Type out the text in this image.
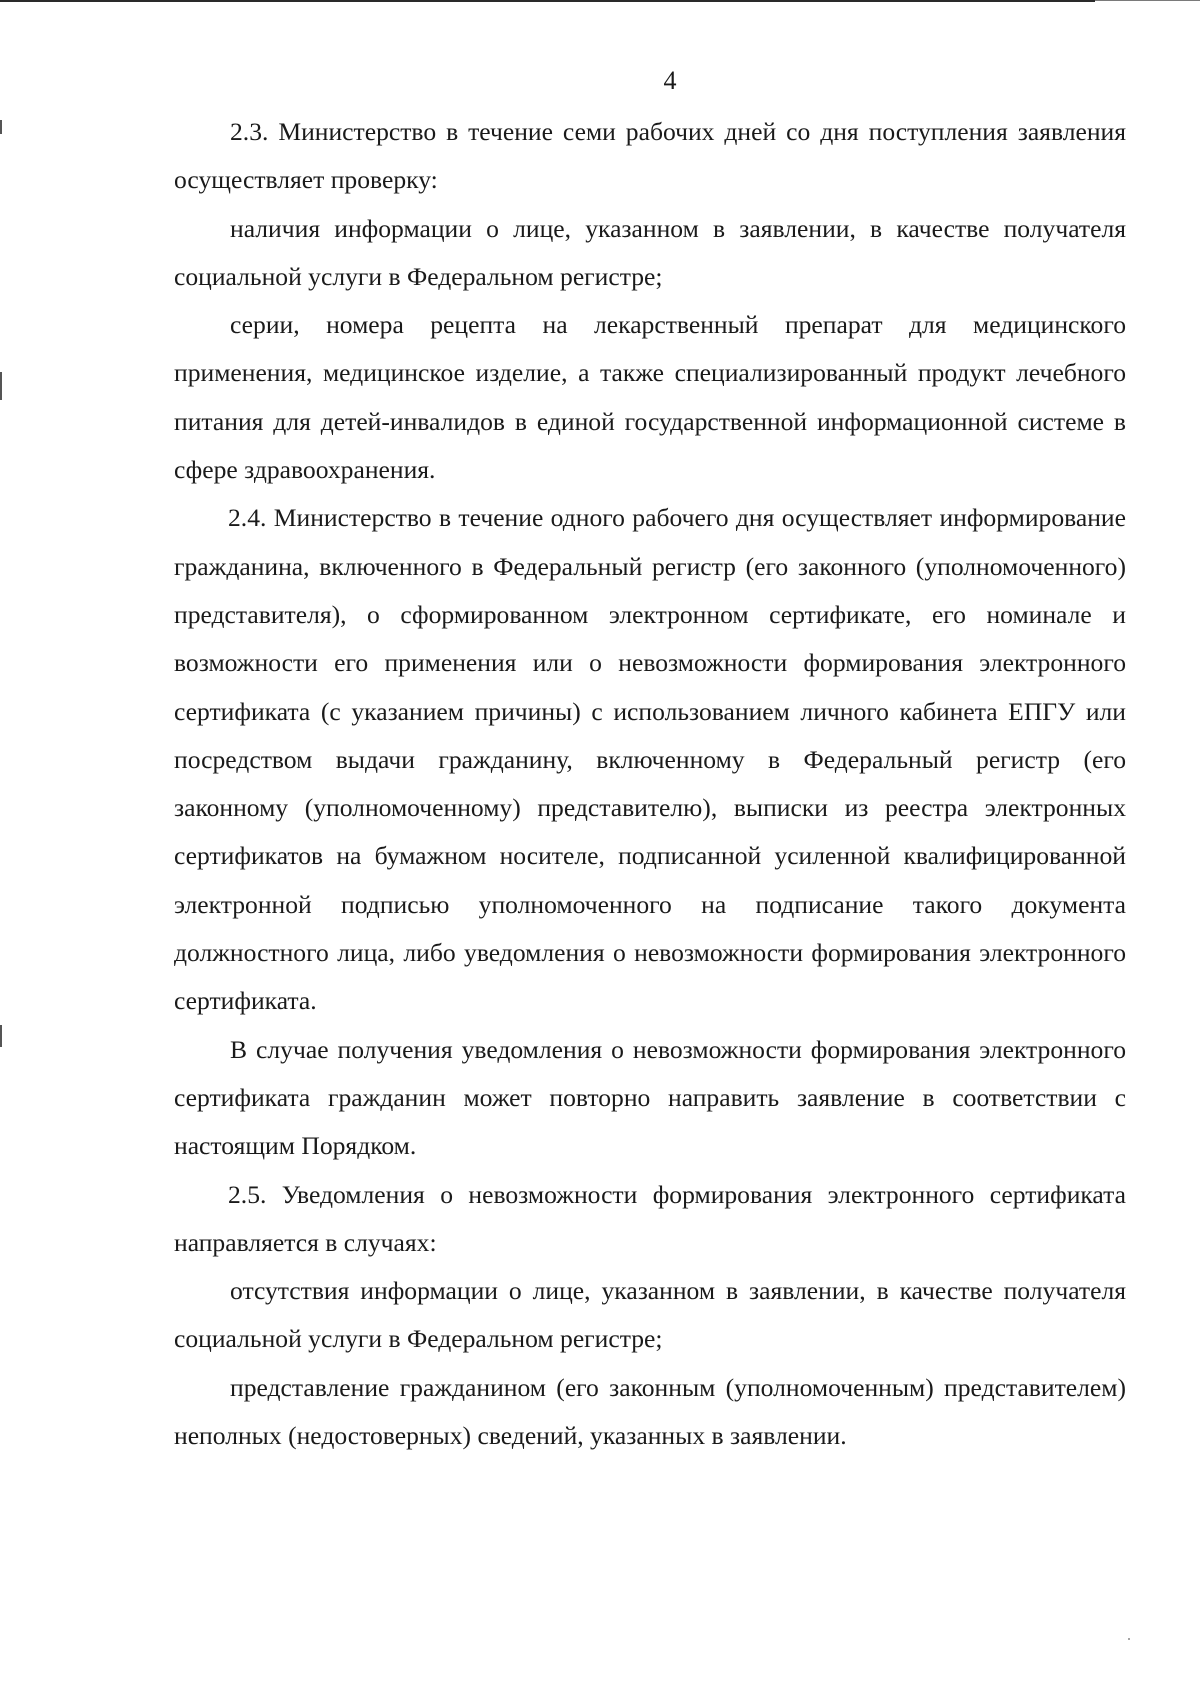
4

2.3. Министерство в течение семи рабочих дней со дня поступления заявления осуществляет проверку:

наличия информации о лице, указанном в заявлении, в качестве получателя социальной услуги в Федеральном регистре;

серии, номера рецепта на лекарственный препарат для медицинского применения, медицинское изделие, а также специализированный продукт лечебного питания для детей-инвалидов в единой государственной информационной системе в сфере здравоохранения.

2.4. Министерство в течение одного рабочего дня осуществляет информирование гражданина, включенного в Федеральный регистр (его законного (уполномоченного) представителя), о сформированном электронном сертификате, его номинале и возможности его применения или о невозможности формирования электронного сертификата (с указанием причины) с использованием личного кабинета ЕПГУ или посредством выдачи гражданину, включенному в Федеральный регистр (его законному (уполномоченному) представителю), выписки из реестра электронных сертификатов на бумажном носителе, подписанной усиленной квалифицированной электронной подписью уполномоченного на подписание такого документа должностного лица, либо уведомления о невозможности формирования электронного сертификата.

В случае получения уведомления о невозможности формирования электронного сертификата гражданин может повторно направить заявление в соответствии с настоящим Порядком.

2.5. Уведомления о невозможности формирования электронного сертификата направляется в случаях:

отсутствия информации о лице, указанном в заявлении, в качестве получателя социальной услуги в Федеральном регистре;

представление гражданином (его законным (уполномоченным) представителем) неполных (недостоверных) сведений, указанных в заявлении.
